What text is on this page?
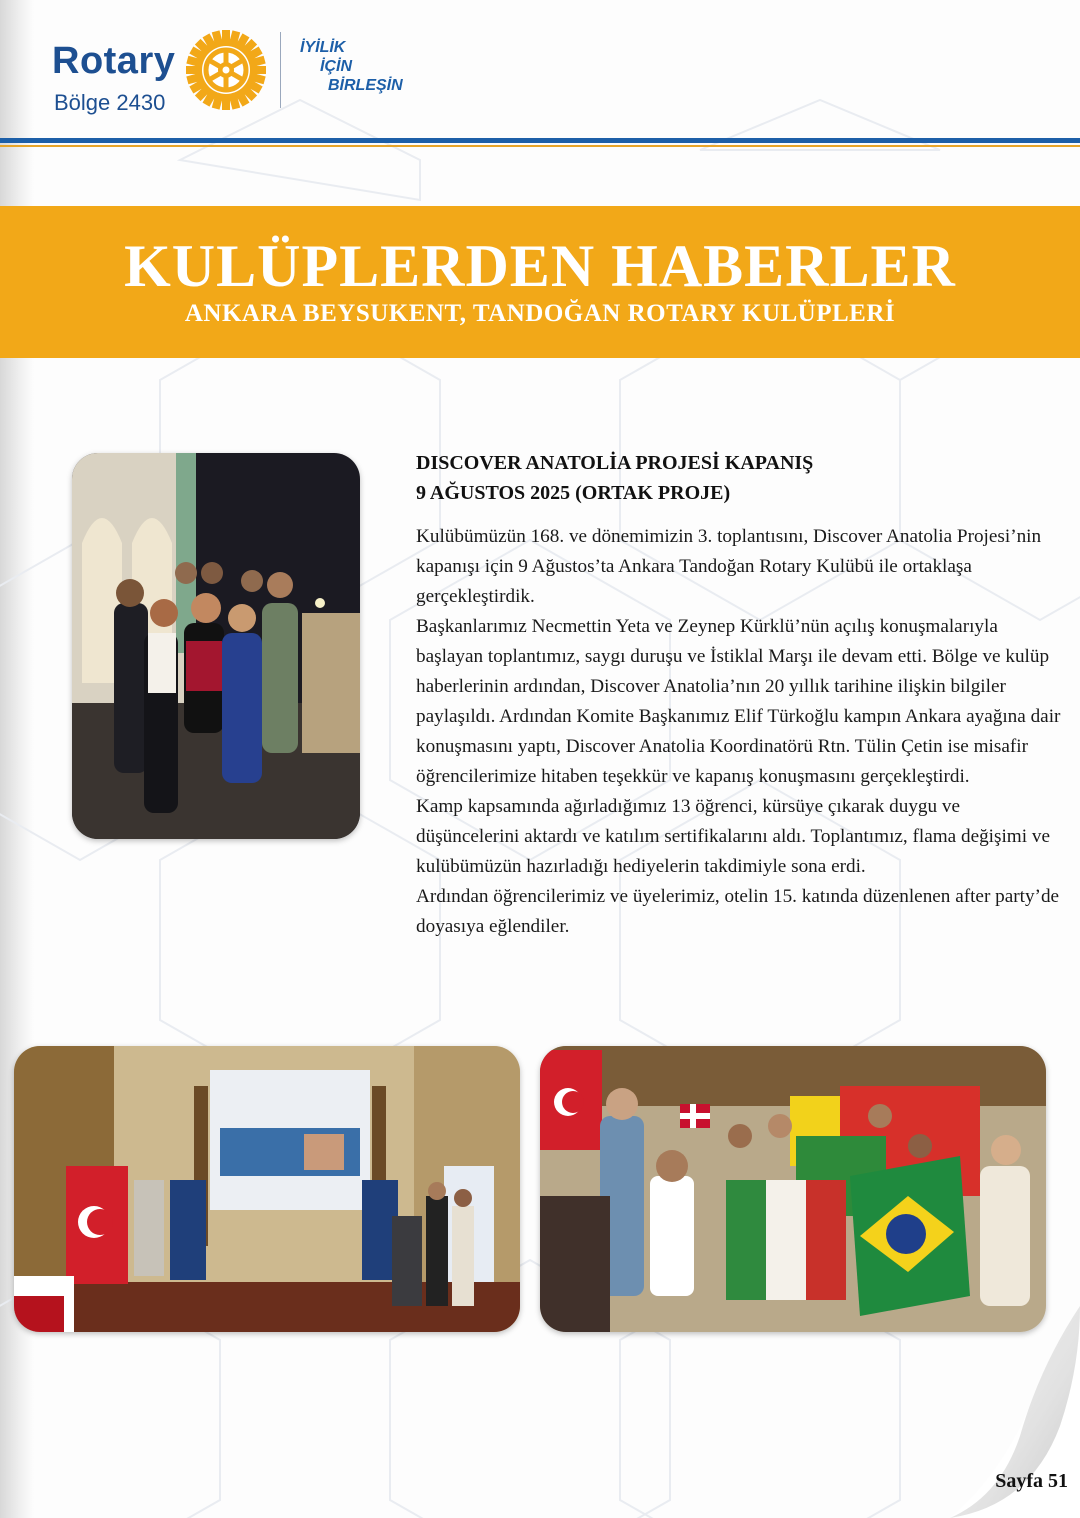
Rotary
Bölge 2430
İYİLİK
İÇİN
BİRLEŞİN
KULÜPLERDEN HABERLER
ANKARA BEYSUKENT, TANDOĞAN ROTARY KULÜPLERİ
DISCOVER ANATOLİA PROJESİ KAPANIŞ
9 AĞUSTOS 2025 (ORTAK PROJE)

Kulübümüzün 168. ve dönemimizin 3. toplantısını, Discover Anatolia Projesi’nin kapanışı için 9 Ağustos’ta Ankara Tandoğan Rotary Kulübü ile ortaklaşa gerçekleştirdik.

Başkanlarımız Necmettin Yeta ve Zeynep Kürklü’nün açılış konuşmalarıyla başlayan toplantımız, saygı duruşu ve İstiklal Marşı ile devam etti. Bölge ve kulüp haberlerinin ardından, Discover Anatolia’nın 20 yıllık tarihine ilişkin bilgiler paylaşıldı. Ardından Komite Başkanımız Elif Türkoğlu kampın Ankara ayağına dair konuşmasını yaptı, Discover Anatolia Koordinatörü Rtn. Tülin Çetin ise misafir öğrencilerimize hitaben teşekkür ve kapanış konuşmasını gerçekleştirdi.

Kamp kapsamında ağırladığımız 13 öğrenci, kürsüye çıkarak duygu ve düşüncelerini aktardı ve katılım sertifikalarını aldı. Toplantımız, flama değişimi ve kulübümüzün hazırladığı hediyelerin takdimiyle sona erdi.

Ardından öğrencilerimiz ve üyelerimiz, otelin 15. katında düzenlenen after party’de doyasıya eğlendiler.

Sayfa 51
